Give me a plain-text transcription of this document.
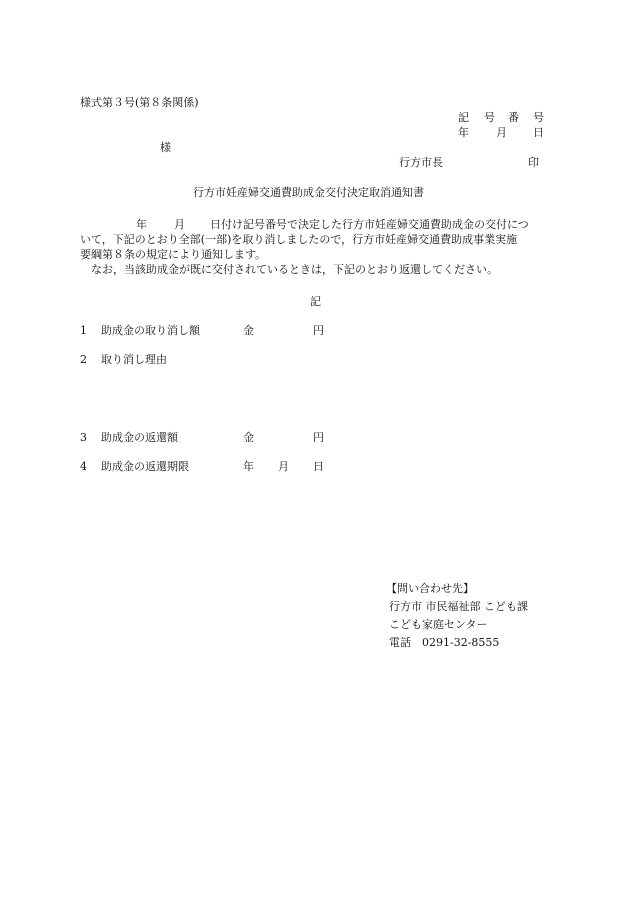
様式第３号(第８条関係)
記 号 番 号
年 月 日
様
行方市長	印
行方市妊産婦交通費助成金交付決定取消通知書
年 月 日付け記号番号で決定した行方市妊産婦交通費助成金の交付につ
いて，下記のとおり全部(一部)を取り消しましたので，行方市妊産婦交通費助成事業実施
要綱第８条の規定により通知します。
なお，当該助成金が既に交付されているときは，下記のとおり返還してください。
記
1 助成金の取り消し額	金	円
2 取り消し理由
3 助成金の返還額	金	円
4 助成金の返還期限	年 月 日
【問い合わせ先】
行方市 市民福祉部 こども課
こども家庭センター
電話　0291-32-8555
